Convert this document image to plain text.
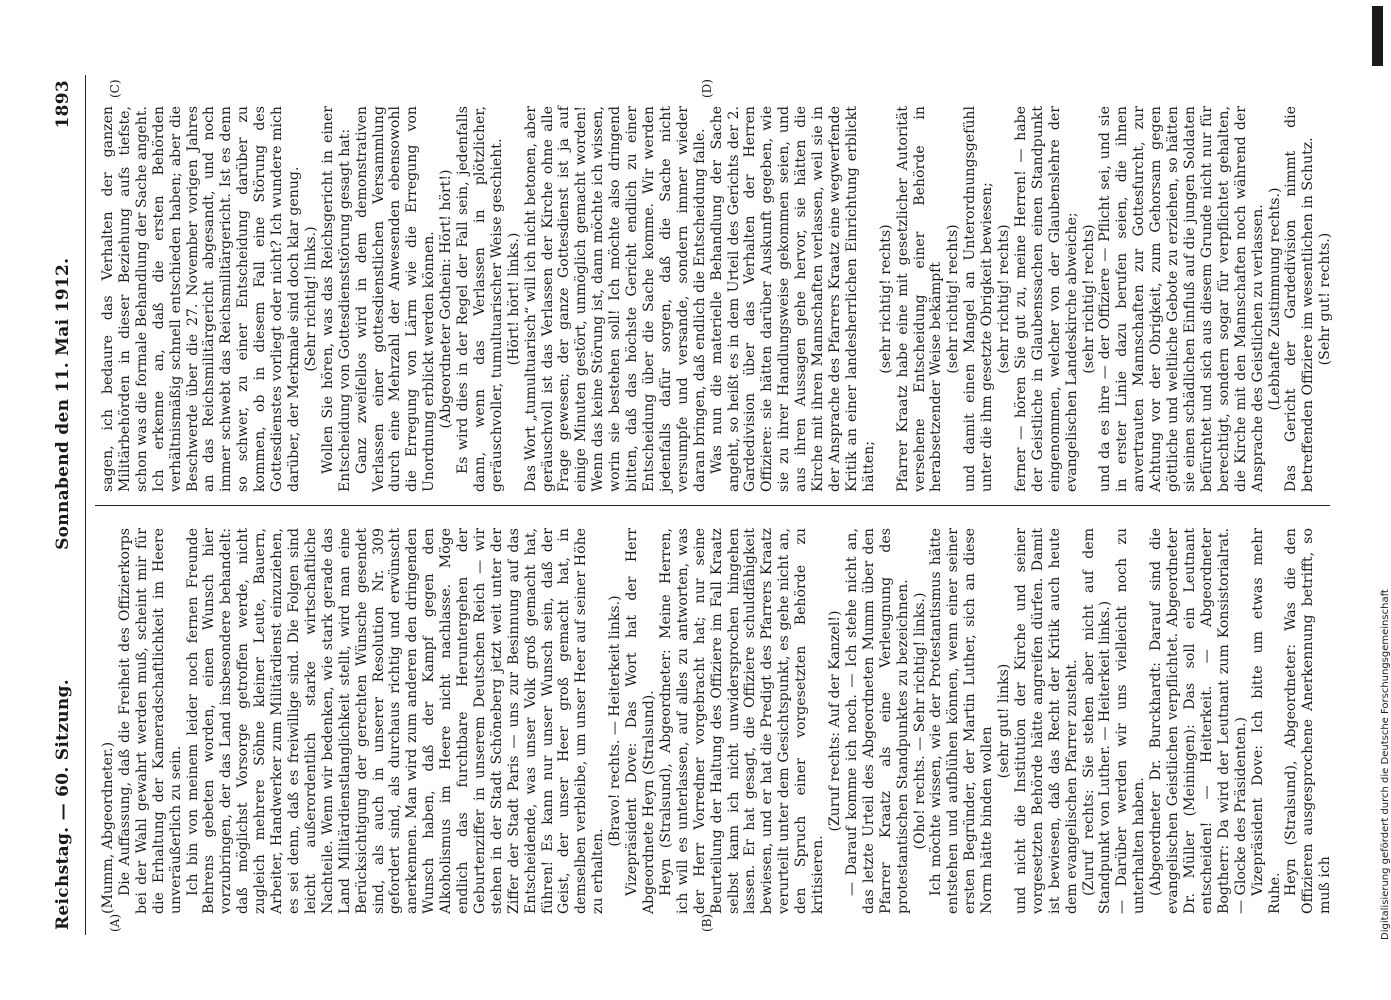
Reichstag. — 60. Sitzung.
Sonnabend den 11. Mai 1912.
1893
(A)	(B)
(C)	(D)

(Mumm, Abgeordneter.) Die Auffassung, daß die Freiheit des Offizierkorps bei der Wahl gewahrt werden muß, scheint mir für die Erhaltung der Kameradschaftlichkeit im Heere unveräußerlich zu sein. Ich bin von meinem leider noch fernen Freunde Behrens gebeten worden, einen Wunsch hier vorzubringen, der das Land insbesondere behandelt: daß möglichst Vorsorge getroffen werde, nicht zugleich mehrere Söhne kleiner Leute, Bauern, Arbeiter, Handwerker zum Militärdienst einzuziehen, es sei denn, daß es freiwillige sind. Die Folgen sind leicht außerordentlich starke wirtschaftliche Nachteile. Wenn wir bedenken, wie stark gerade das Land Militärdienstlanglichkeit stellt, wird man eine Berücksichtigung der gerechten Wünsche gesendet sind, als auch in unserer Resolution Nr. 309 gefordert sind, als durchaus richtig und erwünscht anerkennen. Man wird zum anderen den dringenden Wunsch haben, daß der Kampf gegen den Alkoholismus im Heere nicht nachlasse. Möge endlich das furchtbare Heruntergehen der Geburtenziffer in unserem Deutschen Reich — wir stehen in der Stadt Schöneberg jetzt weit unter der Ziffer der Stadt Paris — uns zur Besinnung auf das Entscheidende, was unser Volk groß gemacht hat, führen! Es kann nur unser Wunsch sein, daß der Geist, der unser Heer groß gemacht hat, in demselben verbleibe, um unser Heer auf seiner Höhe zu erhalten.

(Bravo! rechts. — Heiterkeit links.) Vizepräsident Dove: Das Wort hat der Herr Abgeordnete Heyn (Stralsund). Heyn (Stralsund), Abgeordneter: Meine Herren, ich will es unterlassen, auf alles zu antworten, was der Herr Vorredner vorgebracht hat; nur seine Beurteilung der Haltung des Offiziere im Fall Kraatz selbst kann ich nicht unwidersprochen hingehen lassen. Er hat gesagt, die Offiziere schuldfähigkeit bewiesen, und er hat die Predigt des Pfarrers Kraatz verurteilt unter dem Gesichtspunkt, es gehe nicht an, den Spruch einer vorgesetzten Behörde zu kritisieren.

(Zuruf rechts: Auf der Kanzel!) — Darauf komme ich noch. — Ich stehe nicht an, das letzte Urteil des Abgeordneten Mumm über den Pfarrer Kraatz als eine Verleugnung des protestantischen Standpunktes zu bezeichnen. (Oho! rechts. — Sehr richtig! links.) Ich möchte wissen, wie der Protestantismus hätte entstehen und aufblühen können, wenn einer seiner ersten Begründer, der Martin Luther, sich an diese Norm hätte binden wollen

(sehr gut! links) und nicht die Institution der Kirche und seiner vorgesetzten Behörde hätte angreifen dürfen. Damit ist bewiesen, daß das Recht der Kritik auch heute dem evangelischen Pfarrer zusteht. (Zuruf rechts: Sie stehen aber nicht auf dem Standpunkt von Luther. — Heiterkeit links.) — Darüber werden wir uns vielleicht noch zu unterhalten haben. (Abgeordneter Dr. Burckhardt: Darauf sind die evangelischen Geistlichen verpflichtet. Abgeordneter Dr. Müller (Meiningen): Das soll ein Leutnant entscheiden! — Heiterkeit. — Abgeordneter Bogtherr: Da wird der Leutnant zum Konsistorialrat. — Glocke des Präsidenten.) Vizepräsident Dove: Ich bitte um etwas mehr Ruhe. Heyn (Stralsund), Abgeordneter: Was die den Offizieren ausgesprochene Anerkennung betrifft, so muß ich

sagen, ich bedaure das Verhalten der ganzen Militärbehörden in dieser Beziehung aufs tiefste, schon was die formale Behandlung der Sache angeht. Ich erkenne an, daß die ersten Behörden verhältnismäßig schnell entschieden haben; aber die Beschwerde über die 27. November vorigen Jahres an das Reichsmilitärgericht abgesandt, und noch immer schwebt das Reichsmilitärgericht. Ist es denn so schwer, zu einer Entscheidung darüber zu kommen, ob in diesem Fall eine Störung des Gottesdienstes vorliegt oder nicht? Ich wundere mich darüber, der Merkmale sind doch klar genug. (Sehr richtig! links.) Wollen Sie hören, was das Reichsgericht in einer Entscheidung von Gottesdienststörung gesagt hat: Ganz zweifellos wird in dem demonstrativen Verlassen einer gottesdienstlichen Versammlung durch eine Mehrzahl der Anwesenden ebensowohl die Erregung von Lärm wie die Erregung von Unordnung erblickt werden können. (Abgeordneter Gothein: Hört! hört!) Es wird dies in der Regel der Fall sein, jedenfalls dann, wenn das Verlassen in plötzlicher, geräuschvoller, tumultuarischer Weise geschieht. (Hört! hört! links.) Das Wort „tumultuarisch“ will ich nicht betonen, aber geräuschvoll ist das Verlassen der Kirche ohne alle Frage gewesen; der ganze Gottesdienst ist ja auf einige Minuten gestört, unmöglich gemacht worden! Wenn das keine Störung ist, dann möchte ich wissen, worin sie bestehen soll! Ich möchte also dringend bitten, daß das höchste Gericht endlich zu einer Entscheidung über die Sache komme. Wir werden jedenfalls dafür sorgen, daß die Sache nicht versumpfe und versande, sondern immer wieder daran bringen, daß endlich die Entscheidung falle. Was nun die materielle Behandlung der Sache angeht, so heißt es in dem Urteil des Gerichts der 2. Gardedivision über das Verhalten der Herren Offiziere: sie hätten darüber Auskunft gegeben, wie sie zu ihrer Handlungsweise gekommen seien, und aus ihren Aussagen gehe hervor, sie hätten die Kirche mit ihren Mannschaften verlassen, weil sie in der Ansprache des Pfarrers Kraatz eine wegwerfende Kritik an einer landesherrlichen Einrichtung erblickt hätten;

(sehr richtig! rechts) Pfarrer Kraatz habe eine mit gesetzlicher Autorität versehene Entscheidung einer Behörde in herabsetzender Weise bekämpft (sehr richtig! rechts) und damit einen Mangel an Unterordnungsgefühl unter die ihm gesetzte Obrigkeit bewiesen; (sehr richtig! rechts) ferner — hören Sie gut zu, meine Herren! — habe der Geistliche in Glaubenssachen einen Standpunkt eingenommen, welcher von der Glaubenslehre der evangelischen Landeskirche abweiche; (sehr richtig! rechts) und da es ihre — der Offiziere — Pflicht sei, und sie in erster Linie dazu berufen seien, die ihnen anvertrauten Mannschaften zur Gottesfurcht, zur Achtung vor der Obrigkeit, zum Gehorsam gegen göttliche und weltliche Gebote zu erziehen, so hätten sie einen schädlichen Einfluß auf die jungen Soldaten befürchtet und sich aus diesem Grunde nicht nur für berechtigt, sondern sogar für verpflichtet gehalten, die Kirche mit den Mannschaften noch während der Ansprache des Geistlichen zu verlassen. (Lebhafte Zustimmung rechts.) Das Gericht der Gardedivision nimmt die betreffenden Offiziere im wesentlichen in Schutz. (Sehr gut! rechts.)

DFG
Digitalisierung gefördert durch die Deutsche Forschungsgemeinschaft
